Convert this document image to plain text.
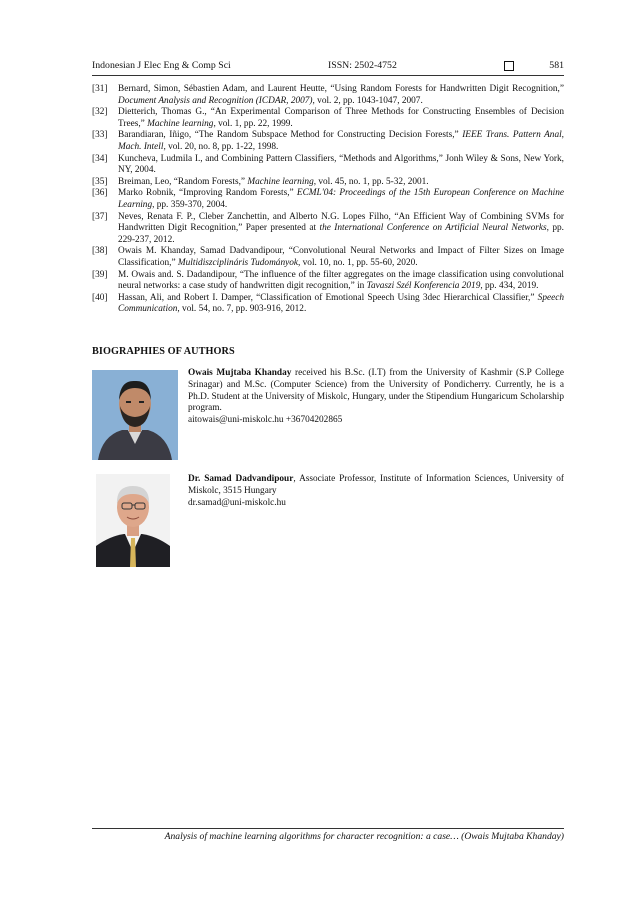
Indonesian J Elec Eng & Comp Sci	ISSN: 2502-4752	581
[31] Bernard, Simon, Sébastien Adam, and Laurent Heutte, “Using Random Forests for Handwritten Digit Recognition,” Document Analysis and Recognition (ICDAR, 2007), vol. 2, pp. 1043-1047, 2007.
[32] Dietterich, Thomas G., “An Experimental Comparison of Three Methods for Constructing Ensembles of Decision Trees,” Machine learning, vol. 1, pp. 22, 1999.
[33] Barandiaran, Iñigo, “The Random Subspace Method for Constructing Decision Forests,” IEEE Trans. Pattern Anal, Mach. Intell, vol. 20, no. 8, pp. 1-22, 1998.
[34] Kuncheva, Ludmila I., and Combining Pattern Classifiers, “Methods and Algorithms,” Jonh Wiley & Sons, New York, NY, 2004.
[35] Breiman, Leo, “Random Forests,” Machine learning, vol. 45, no. 1, pp. 5-32, 2001.
[36] Marko Robnik, “Improving Random Forests,” ECML'04: Proceedings of the 15th European Conference on Machine Learning, pp. 359-370, 2004.
[37] Neves, Renata F. P., Cleber Zanchettin, and Alberto N.G. Lopes Filho, “An Efficient Way of Combining SVMs for Handwritten Digit Recognition,” Paper presented at the International Conference on Artificial Neural Networks, pp. 229-237, 2012.
[38] Owais M. Khanday, Samad Dadvandipour, “Convolutional Neural Networks and Impact of Filter Sizes on Image Classification,” Multidiszciplináris Tudományok, vol. 10, no. 1, pp. 55-60, 2020.
[39] M. Owais and. S. Dadandipour, “The influence of the filter aggregates on the image classification using convolutional neural networks: a case study of handwritten digit recognition,” in Tavaszi Szél Konferencia 2019, pp. 434, 2019.
[40] Hassan, Ali, and Robert I. Damper, “Classification of Emotional Speech Using 3dec Hierarchical Classifier,” Speech Communication, vol. 54, no. 7, pp. 903-916, 2012.
BIOGRAPHIES OF AUTHORS
Owais Mujtaba Khanday received his B.Sc. (I.T) from the University of Kashmir (S.P College Srinagar) and M.Sc. (Computer Science) from the University of Pondicherry. Currently, he is a Ph.D. Student at the University of Miskolc, Hungary, under the Stipendium Hungaricum Scholarship program.
aitowais@uni-miskolc.hu +36704202865
Dr. Samad Dadvandipour, Associate Professor, Institute of Information Sciences, University of Miskolc, 3515 Hungary
dr.samad@uni-miskolc.hu
Analysis of machine learning algorithms for character recognition: a case… (Owais Mujtaba Khanday)
